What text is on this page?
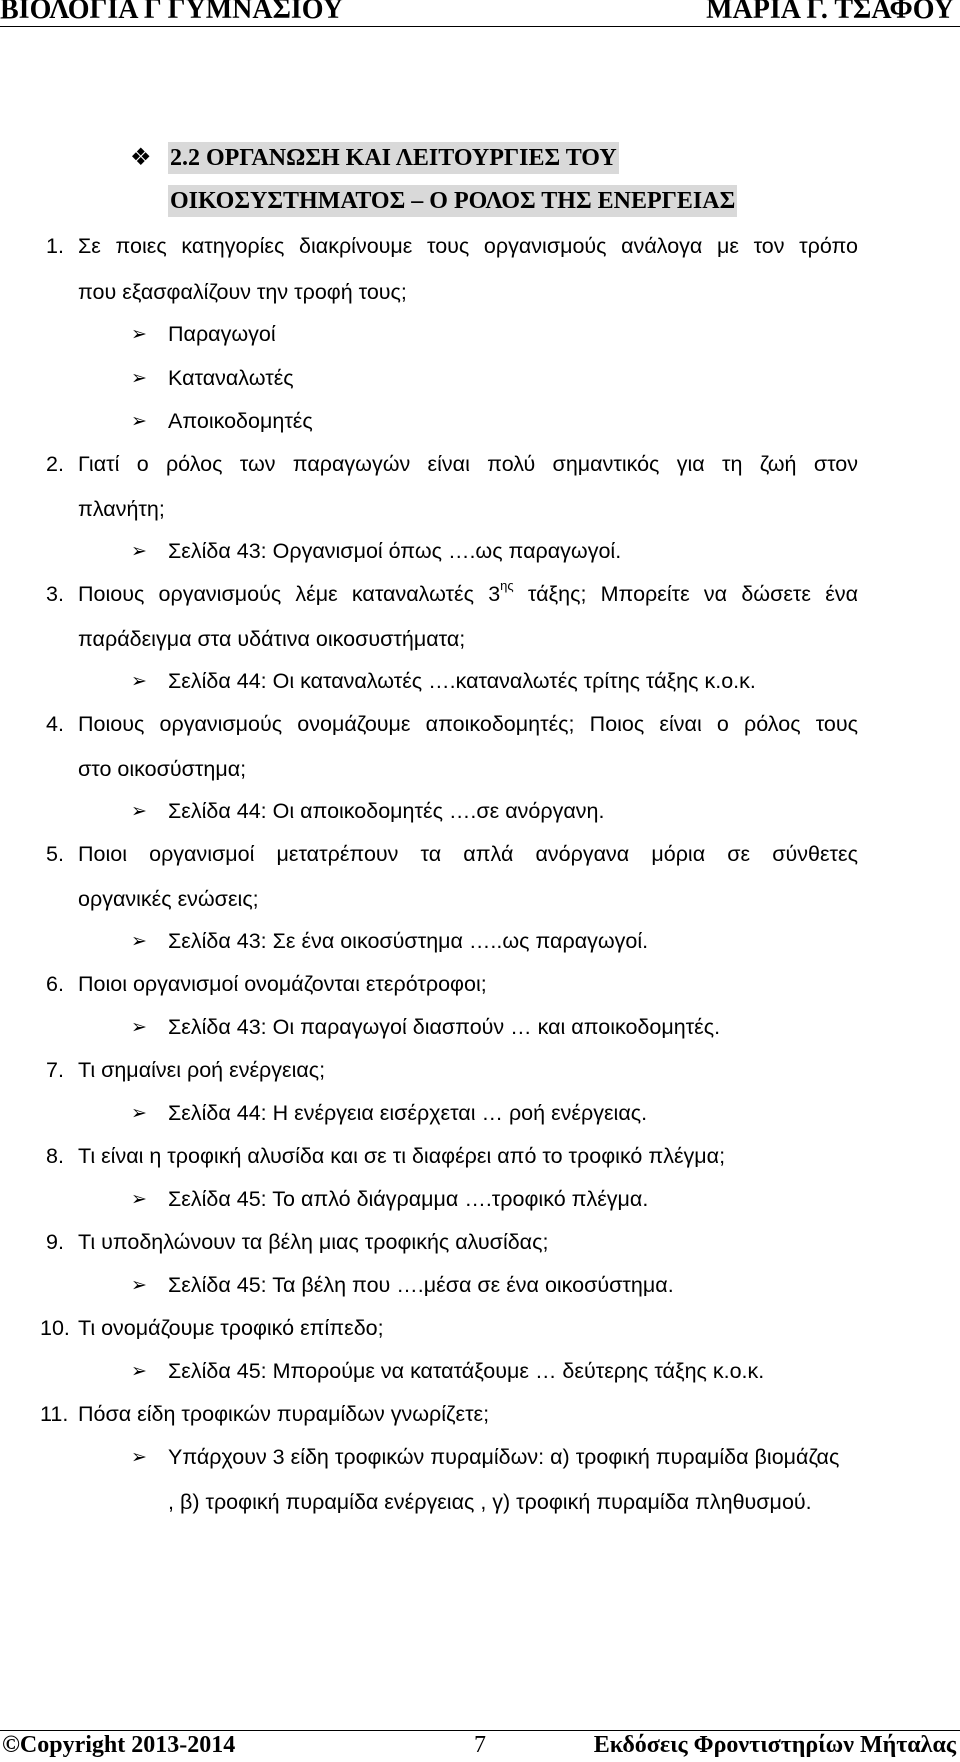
ΒΙΟΛΟΓΙΑ Γ ΓΥΜΝΑΣΙΟΥ	ΜΑΡΙΑ Γ. ΤΣΑΦΟΥ
❖ 2.2 ΟΡΓΑΝΩΣΗ ΚΑΙ ΛΕΙΤΟΥΡΓΙΕΣ ΤΟΥ
ΟΙΚΟΣΥΣΤΗΜΑΤΟΣ – Ο ΡΟΛΟΣ ΤΗΣ ΕΝΕΡΓΕΙΑΣ
1. Σε ποιες κατηγορίες διακρίνουμε τους οργανισμούς ανάλογα με τον τρόπο
που εξασφαλίζουν την τροφή τους;
➢ Παραγωγοί
➢ Καταναλωτές
➢ Αποικοδομητές
2. Γιατί ο ρόλος των παραγωγών είναι πολύ σημαντικός για τη ζωή στον
πλανήτη;
➢ Σελίδα 43: Οργανισμοί όπως ….ως παραγωγοί.
3. Ποιους οργανισμούς λέμε καταναλωτές $3^{\eta\varsigma}$ τάξης; Μπορείτε να δώσετε ένα
παράδειγμα στα υδάτινα οικοσυστήματα;
➢ Σελίδα 44: Οι καταναλωτές ….καταναλωτές τρίτης τάξης κ.ο.κ.
4. Ποιους οργανισμούς ονομάζουμε αποικοδομητές; Ποιος είναι ο ρόλος τους
στο οικοσύστημα;
➢ Σελίδα 44: Οι αποικοδομητές ….σε ανόργανη.
5. Ποιοι οργανισμοί μετατρέπουν τα απλά ανόργανα μόρια σε σύνθετες
οργανικές ενώσεις;
➢ Σελίδα 43: Σε ένα οικοσύστημα …..ως παραγωγοί.
6. Ποιοι οργανισμοί ονομάζονται ετερότροφοι;
➢ Σελίδα 43: Οι παραγωγοί διασπούν … και αποικοδομητές.
7. Τι σημαίνει ροή ενέργειας;
➢ Σελίδα 44: Η ενέργεια εισέρχεται … ροή ενέργειας.
8. Τι είναι η τροφική αλυσίδα και σε τι διαφέρει από το τροφικό πλέγμα;
➢ Σελίδα 45: Το απλό διάγραμμα ….τροφικό πλέγμα.
9. Τι υποδηλώνουν τα βέλη μιας τροφικής αλυσίδας;
➢ Σελίδα 45: Τα βέλη που ….μέσα σε ένα οικοσύστημα.
10. Τι ονομάζουμε τροφικό επίπεδο;
➢ Σελίδα 45: Μπορούμε να κατατάξουμε … δεύτερης τάξης κ.ο.κ.
11. Πόσα είδη τροφικών πυραμίδων γνωρίζετε;
➢ Υπάρχουν 3 είδη τροφικών πυραμίδων: α) τροφική πυραμίδα βιομάζας
, β) τροφική πυραμίδα ενέργειας , γ) τροφική πυραμίδα πληθυσμού.
©Copyright 2013-2014	7	Εκδόσεις Φροντιστηρίων Μήταλας
